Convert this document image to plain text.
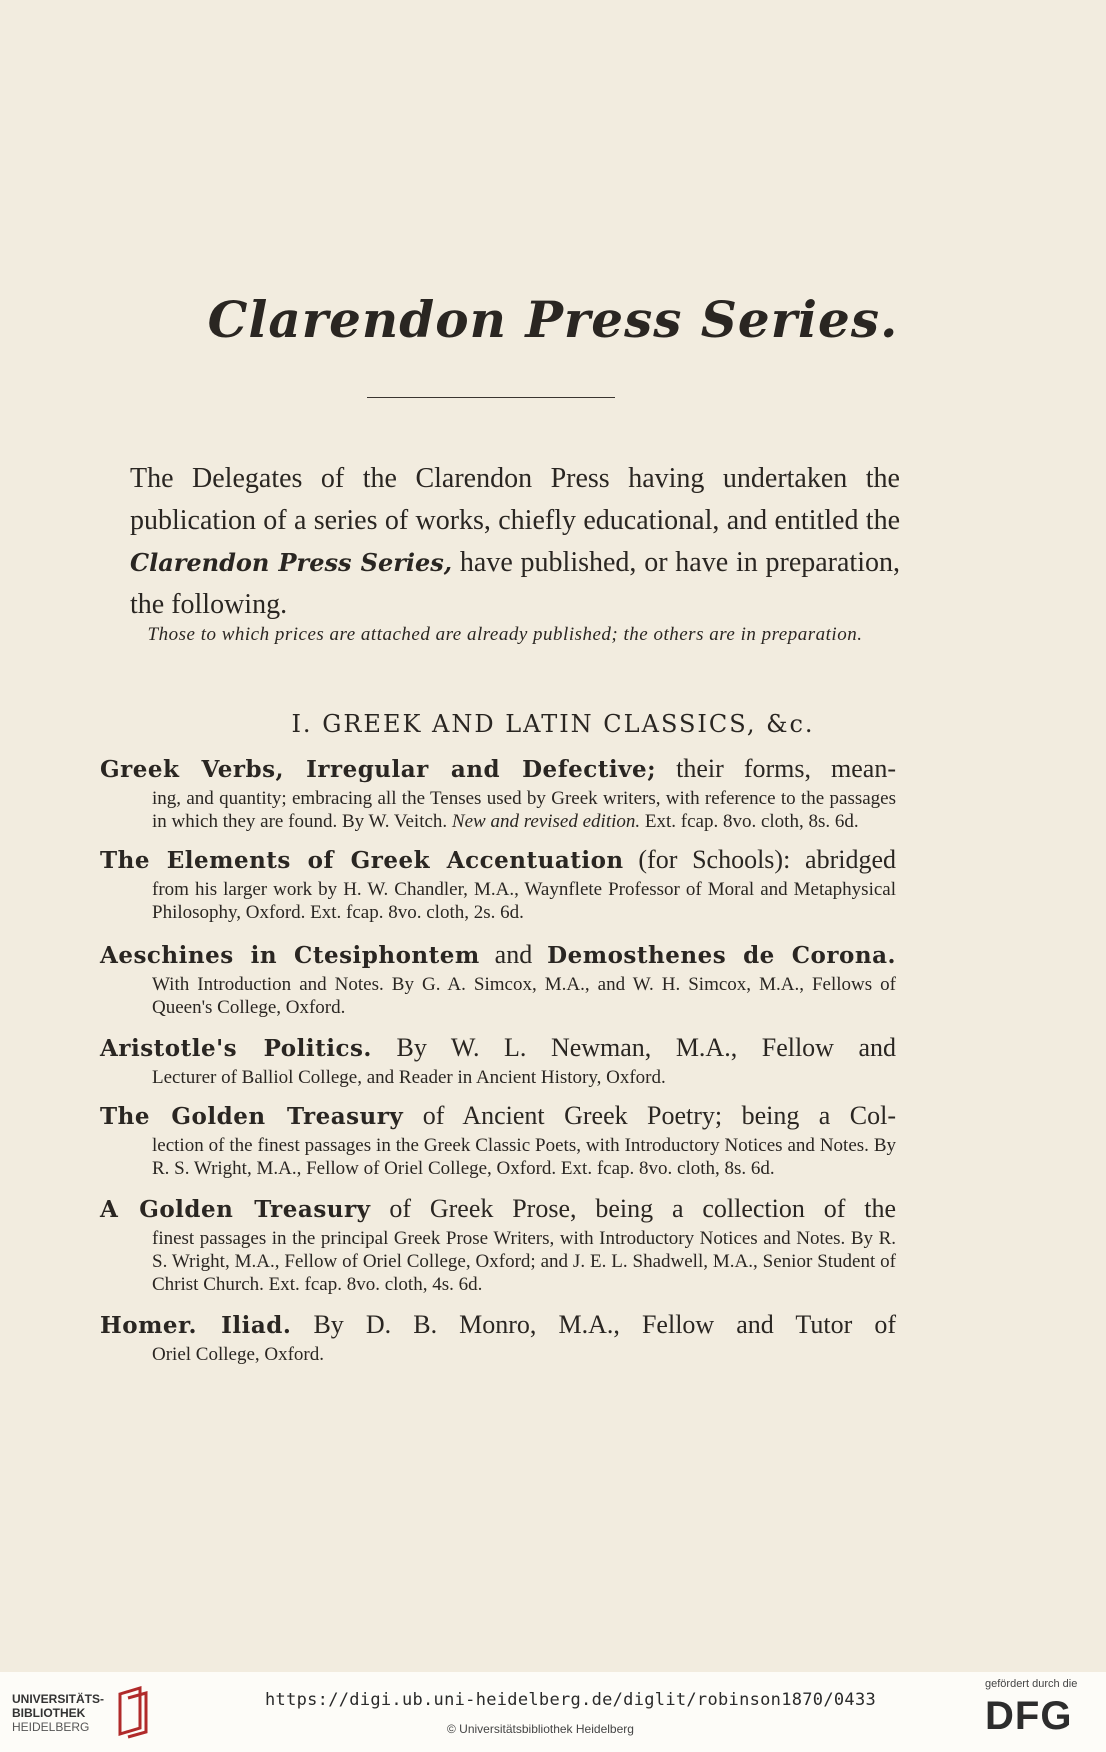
Clarendon Press Series.

The Delegates of the Clarendon Press having undertaken the publication of a series of works, chiefly educational, and entitled the Clarendon Press Series, have published, or have in preparation, the following.

Those to which prices are attached are already published; the others are in preparation.
I. GREEK AND LATIN CLASSICS, &c.
Greek Verbs, Irregular and Defective; their forms, mean-
ing, and quantity; embracing all the Tenses used by Greek writers, with reference to the passages in which they are found. By W. Veitch. New and revised edition. Ext. fcap. 8vo. cloth, 8s. 6d.
The Elements of Greek Accentuation (for Schools): abridged
from his larger work by H. W. Chandler, M.A., Waynflete Professor of Moral and Metaphysical Philosophy, Oxford. Ext. fcap. 8vo. cloth, 2s. 6d.
Aeschines in Ctesiphontem and Demosthenes de Corona.
With Introduction and Notes. By G. A. Simcox, M.A., and W. H. Simcox, M.A., Fellows of Queen's College, Oxford.
Aristotle's Politics. By W. L. Newman, M.A., Fellow and
Lecturer of Balliol College, and Reader in Ancient History, Oxford.
The Golden Treasury of Ancient Greek Poetry; being a Col-
lection of the finest passages in the Greek Classic Poets, with Introductory Notices and Notes. By R. S. Wright, M.A., Fellow of Oriel College, Oxford. Ext. fcap. 8vo. cloth, 8s. 6d.
A Golden Treasury of Greek Prose, being a collection of the
finest passages in the principal Greek Prose Writers, with Introductory Notices and Notes. By R. S. Wright, M.A., Fellow of Oriel College, Oxford; and J. E. L. Shadwell, M.A., Senior Student of Christ Church. Ext. fcap. 8vo. cloth, 4s. 6d.
Homer. Iliad. By D. B. Monro, M.A., Fellow and Tutor of
Oriel College, Oxford.
UNIVERSITÄTS-
BIBLIOTHEK
HEIDELBERG
https://digi.ub.uni-heidelberg.de/diglit/robinson1870/0433
© Universitätsbibliothek Heidelberg
gefördert durch die
DFG
